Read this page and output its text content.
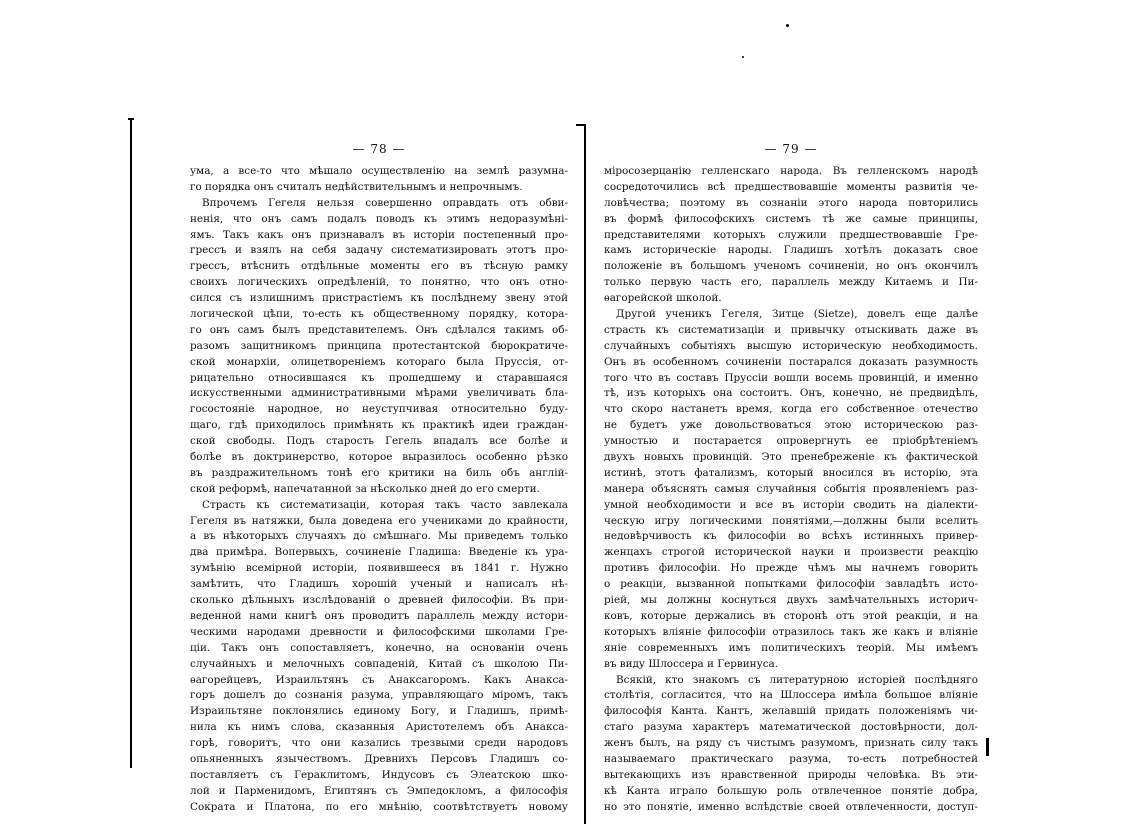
— 78 —
ума, а все-то что мѣшало осуществленію на землѣ разумна-
го порядка онъ считалъ недѣйствительнымъ и непрочнымъ.
Впрочемъ Гегеля нельзя совершенно оправдать отъ обви-
ненія, что онъ самъ подалъ поводъ къ этимъ недоразумѣні-
ямъ. Такъ какъ онъ признавалъ въ исторіи постепенный про-
грессъ и взялъ на себя задачу систематизировать этотъ про-
грессъ, втѣснить отдѣльные моменты его въ тѣсную рамку
своихъ логическихъ опредѣленій, то понятно, что онъ отно-
сился съ излишнимъ пристрастіемъ къ послѣднему звену этой
логической цѣпи, то-есть къ общественному порядку, которa-
го онъ самъ былъ представителемъ. Онъ сдѣлался такимъ об-
разомъ защитникомъ принципа протестантской бюрократиче-
ской монархіи, олицетвореніемъ котораго была Пруссія, от-
рицательно относившаяся къ прошедшему и старавшаяся
искусственными административными мѣрами увеличивать бла-
госостояніе народное, но неуступчивая относительно буду-
щаго, гдѣ приходилось примѣнять къ практикѣ идеи граждан-
ской свободы. Подъ старость Гегель впадалъ все болѣе и
болѣе въ доктринерство, которое выразилось особенно рѣзко
въ раздражительномъ тонѣ его критики на биль объ англій-
ской реформѣ, напечатанной за нѣсколько дней до его смерти.
Страсть къ систематизаціи, которая такъ часто завлекала
Гегеля въ натяжки, была доведена его учениками до крайности,
а въ нѣкоторыхъ случаяхъ до смѣшнаго. Мы приведемъ только
два примѣра. Вопервыхъ, сочиненіе Гладиша: Введеніе къ ура-
зумѣнію всемірной исторіи, появившееся въ 1841 г. Нужно
замѣтить, что Гладишъ хорошій ученый и написалъ нѣ-
сколько дѣльныхъ изслѣдованій о древней философіи. Въ при-
веденной нами книгѣ онъ проводитъ параллель между истори-
ческими народами древности и философскими школами Гре-
ціи. Такъ онъ сопоставляетъ, конечно, на основаніи очень
случайныхъ и мелочныхъ совпаденій, Китай съ школою Пи-
ѳагорейцевъ, Израильтянъ съ Анаксагоромъ. Какъ Анакса-
горъ дошелъ до сознанія разума, управляющаго міромъ, такъ
Израильтяне поклонялись единому Богу, и Гладишъ, примѣ-
нила къ нимъ слова, сказанныя Аристотелемъ объ Анакса-
горѣ, говоритъ, что они казались трезвыми среди народовъ
опьяненныхъ язычествомъ. Древнихъ Персовъ Гладишъ со-
поставляетъ съ Гераклитомъ, Индусовъ съ Элеатскою шко-
лой и Парменидомъ, Египтянъ съ Эмпедокломъ, а философія
Сократа и Платона, по его мнѣнію, соотвѣтствуетъ новому
— 79 —
міросозерцанію гелленскаго народа. Въ гелленскомъ народѣ
сосредоточились всѣ предшествовавшіе моменты развитія че-
ловѣчества; поэтому въ сознаніи этого народа повторились
въ формѣ философскихъ системъ тѣ же самые принципы,
представителями которыхъ служили предшествовавшіе Гре-
камъ историческіе народы. Гладишъ хотѣлъ доказать свое
положеніе въ большомъ ученомъ сочиненіи, но онъ окончилъ
только первую часть его, параллель между Китаемъ и Пи-
ѳагорейской школой.
Другой ученикъ Гегеля, Зитце (Sietze), довелъ еще далѣе
страсть къ систематизаціи и привычку отыскивать даже въ
случайныхъ событіяхъ высшую историческую необходимость.
Онъ въ особенномъ сочиненіи постарался доказать разумность
того что въ составъ Пруссіи вошли восемь провинцій, и именно
тѣ, изъ которыхъ она состоитъ. Онъ, конечно, не предвидѣлъ,
что скоро настанетъ время, когда его собственное отечество
не будетъ уже довольствоваться этою историческою раз-
умностью и постарается опровергнуть ее пріобрѣтеніемъ
двухъ новыхъ провинцій. Это пренебреженіе къ фактической
истинѣ, этотъ фатализмъ, который вносился въ исторію, эта
манера объяснять самыя случайныя событія проявленіемъ раз-
умной необходимости и все въ исторіи сводить на діалекти-
ческую игру логическими понятіями,—должны были вселить
недовѣрчивость къ философіи во всѣхъ истинныхъ привер-
женцахъ строгой исторической науки и произвести реакцію
противъ философіи. Но прежде чѣмъ мы начнемъ говорить
о реакціи, вызванной попытками философіи завладѣть исто-
ріей, мы должны коснуться двухъ замѣчательныхъ историч-
ковъ, которые держались въ сторонѣ отъ этой реакціи, и на
которыхъ вліяніе философіи отразилось такъ же какъ и вліяніе
яніе современныхъ имъ политическихъ теорій. Мы имѣемъ
въ виду Шлоссера и Гервинуса.
Всякій, кто знакомъ съ литературною исторіей послѣдняго
столѣтія, согласится, что на Шлоссера имѣла большое вліяніе
философія Канта. Кантъ, желавшій придать положеніямъ чи-
стаго разума характеръ математической достовѣрности, дол-
женъ былъ, на ряду съ чистымъ разумомъ, признать силу такъ
называемаго практическаго разума, то-есть потребностей
вытекающихъ изъ нравственной природы человѣка. Въ эти-
кѣ Канта играло большую роль отвлеченное понятіе добра,
но это понятіе, именно вслѣдствіе своей отвлеченности, доступ-
